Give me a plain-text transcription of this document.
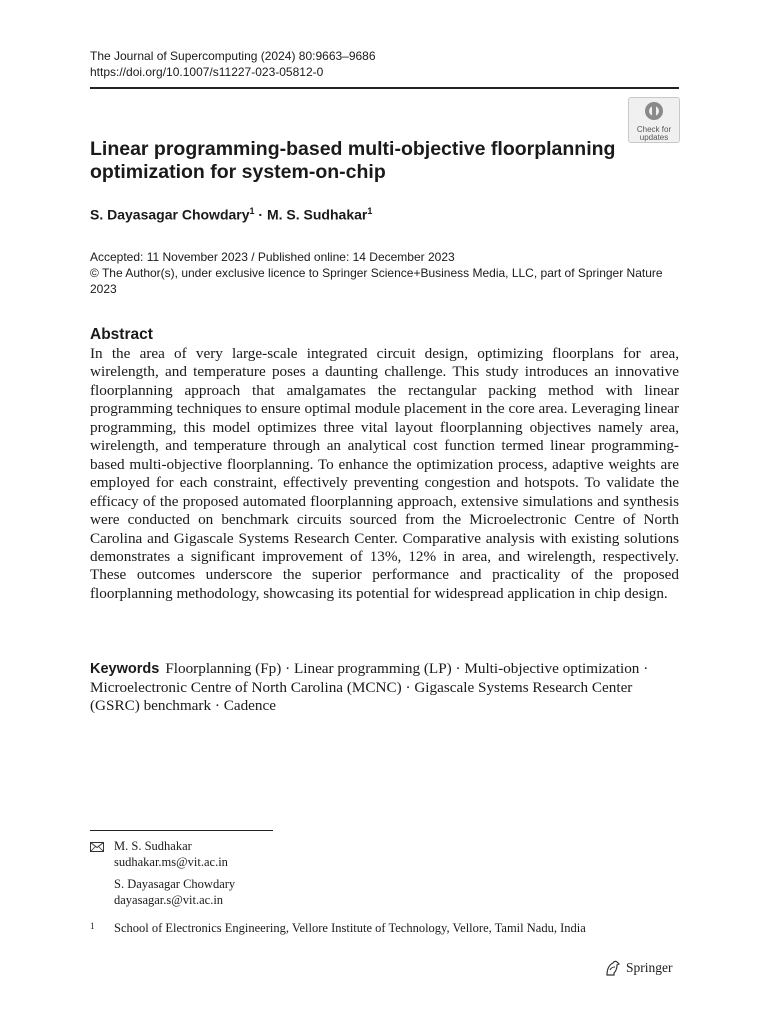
The Journal of Supercomputing (2024) 80:9663–9686
https://doi.org/10.1007/s11227-023-05812-0
Check for
updates
Linear programming-based multi-objective floorplanning optimization for system-on-chip
S. Dayasagar Chowdary$^1$ · M. S. Sudhakar$^1$
Accepted: 11 November 2023 / Published online: 14 December 2023
© The Author(s), under exclusive licence to Springer Science+Business Media, LLC, part of Springer Nature 2023
Abstract

In the area of very large-scale integrated circuit design, optimizing floorplans for area, wirelength, and temperature poses a daunting challenge. This study introduces an innovative floorplanning approach that amalgamates the rectangular packing method with linear programming techniques to ensure optimal module placement in the core area. Leveraging linear programming, this model optimizes three vital layout floorplanning objectives namely area, wirelength, and temperature through an analytical cost function termed linear programming-based multi-objective floorplanning. To enhance the optimization process, adaptive weights are employed for each constraint, effectively preventing congestion and hotspots. To validate the efficacy of the proposed automated floorplanning approach, extensive simulations and synthesis were conducted on benchmark circuits sourced from the Microelectronic Centre of North Carolina and Gigascale Systems Research Center. Comparative analysis with existing solutions demonstrates a significant improvement of 13%, 12% in area, and wirelength, respectively. These outcomes underscore the superior performance and practicality of the proposed floorplanning methodology, showcasing its potential for widespread application in chip design.

Keywords Floorplanning (Fp) · Linear programming (LP) · Multi-objective optimization · Microelectronic Centre of North Carolina (MCNC) · Gigascale Systems Research Center (GSRC) benchmark · Cadence

M. S. Sudhakar
sudhakar.ms@vit.ac.in
S. Dayasagar Chowdary
dayasagar.s@vit.ac.in
1 School of Electronics Engineering, Vellore Institute of Technology, Vellore, Tamil Nadu, India
Springer
